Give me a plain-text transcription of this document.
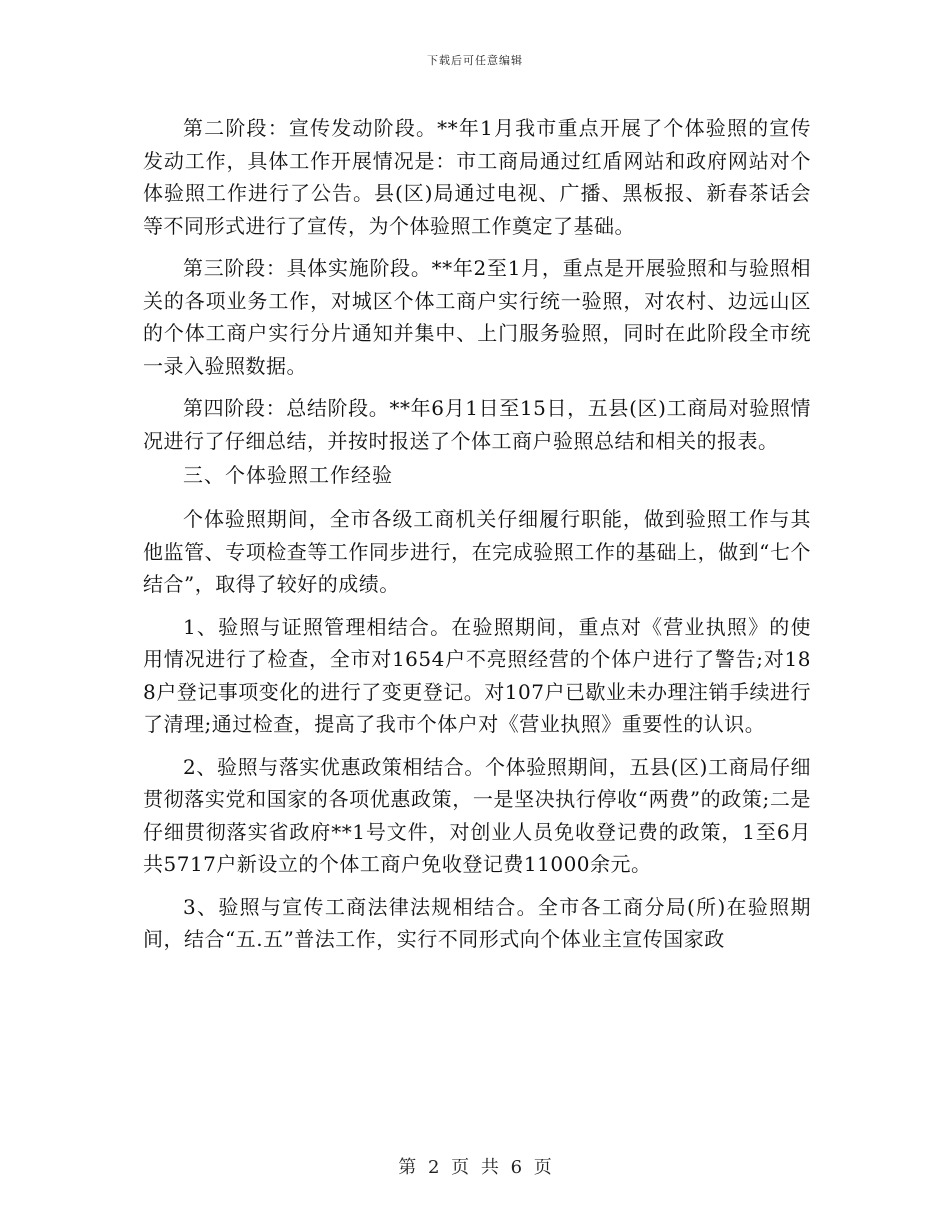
下载后可任意编辑

第二阶段：宣传发动阶段。**年1月我市重点开展了个体验照的宣传发动工作，具体工作开展情况是：市工商局通过红盾网站和政府网站对个体验照工作进行了公告。县(区)局通过电视、广播、黑板报、新春茶话会等不同形式进行了宣传，为个体验照工作奠定了基础。

第三阶段：具体实施阶段。**年2至1月，重点是开展验照和与验照相关的各项业务工作，对城区个体工商户实行统一验照，对农村、边远山区的个体工商户实行分片通知并集中、上门服务验照，同时在此阶段全市统一录入验照数据。

第四阶段：总结阶段。**年6月1日至15日，五县(区)工商局对验照情况进行了仔细总结，并按时报送了个体工商户验照总结和相关的报表。

三、个体验照工作经验

个体验照期间，全市各级工商机关仔细履行职能，做到验照工作与其他监管、专项检查等工作同步进行，在完成验照工作的基础上，做到“七个结合”，取得了较好的成绩。

1、验照与证照管理相结合。在验照期间，重点对《营业执照》的使用情况进行了检查，全市对1654户不亮照经营的个体户进行了警告;对188户登记事项变化的进行了变更登记。对107户已歇业未办理注销手续进行了清理;通过检查，提高了我市个体户对《营业执照》重要性的认识。

2、验照与落实优惠政策相结合。个体验照期间，五县(区)工商局仔细贯彻落实党和国家的各项优惠政策，一是坚决执行停收“两费”的政策;二是仔细贯彻落实省政府**1号文件，对创业人员免收登记费的政策，1至6月共5717户新设立的个体工商户免收登记费11000余元。

3、验照与宣传工商法律法规相结合。全市各工商分局(所)在验照期间，结合“五.五”普法工作，实行不同形式向个体业主宣传国家政

第 2 页 共 6 页
